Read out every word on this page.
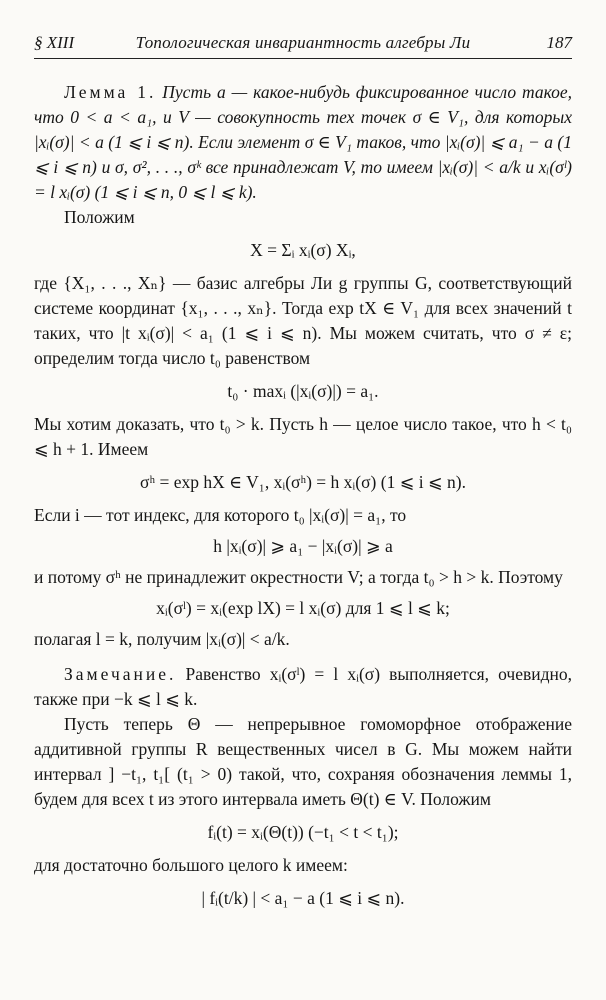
§ XIII	Топологическая инвариантность алгебры Ли	187

Лемма 1. Пусть a — какое-нибудь фиксированное число такое, что 0 < a < a₁, и V — совокупность тех точек σ ∈ V₁, для которых |xᵢ(σ)| < a (1 ⩽ i ⩽ n). Если элемент σ ∈ V₁ таков, что |xᵢ(σ)| ⩽ a₁ − a (1 ⩽ i ⩽ n) и σ, σ², . . ., σᵏ все принадлежат V, то имеем |xᵢ(σ)| < a/k и xᵢ(σˡ) = l xᵢ(σ) (1 ⩽ i ⩽ n, 0 ⩽ l ⩽ k).

Положим

X = Σᵢ xᵢ(σ) Xᵢ,

где {X₁, . . ., Xₙ} — базис алгебры Ли g группы G, соответствующий системе координат {x₁, . . ., xₙ}. Тогда exp tX ∈ V₁ для всех значений t таких, что |t xᵢ(σ)| < a₁ (1 ⩽ i ⩽ n). Мы можем считать, что σ ≠ ε; определим тогда число t₀ равенством

t₀ · maxᵢ (|xᵢ(σ)|) = a₁.

Мы хотим доказать, что t₀ > k. Пусть h — целое число такое, что h < t₀ ⩽ h + 1. Имеем

σʰ = exp hX ∈ V₁, xᵢ(σʰ) = h xᵢ(σ) (1 ⩽ i ⩽ n).

Если i — тот индекс, для которого t₀ |xᵢ(σ)| = a₁, то

h |xᵢ(σ)| ⩾ a₁ − |xᵢ(σ)| ⩾ a

и потому σʰ не принадлежит окрестности V; а тогда t₀ > h > k. Поэтому

xᵢ(σˡ) = xᵢ(exp lX) = l xᵢ(σ) для 1 ⩽ l ⩽ k;

полагая l = k, получим |xᵢ(σ)| < a/k.

Замечание. Равенство xᵢ(σˡ) = l xᵢ(σ) выполняется, очевидно, также при −k ⩽ l ⩽ k.

Пусть теперь Θ — непрерывное гомоморфное отображение аддитивной группы R вещественных чисел в G. Мы можем найти интервал ] −t₁, t₁[ (t₁ > 0) такой, что, сохраняя обозначения леммы 1, будем для всех t из этого интервала иметь Θ(t) ∈ V. Положим

fᵢ(t) = xᵢ(Θ(t)) (−t₁ < t < t₁);

для достаточно большого целого k имеем:

| fᵢ(t/k) | < a₁ − a (1 ⩽ i ⩽ n).
